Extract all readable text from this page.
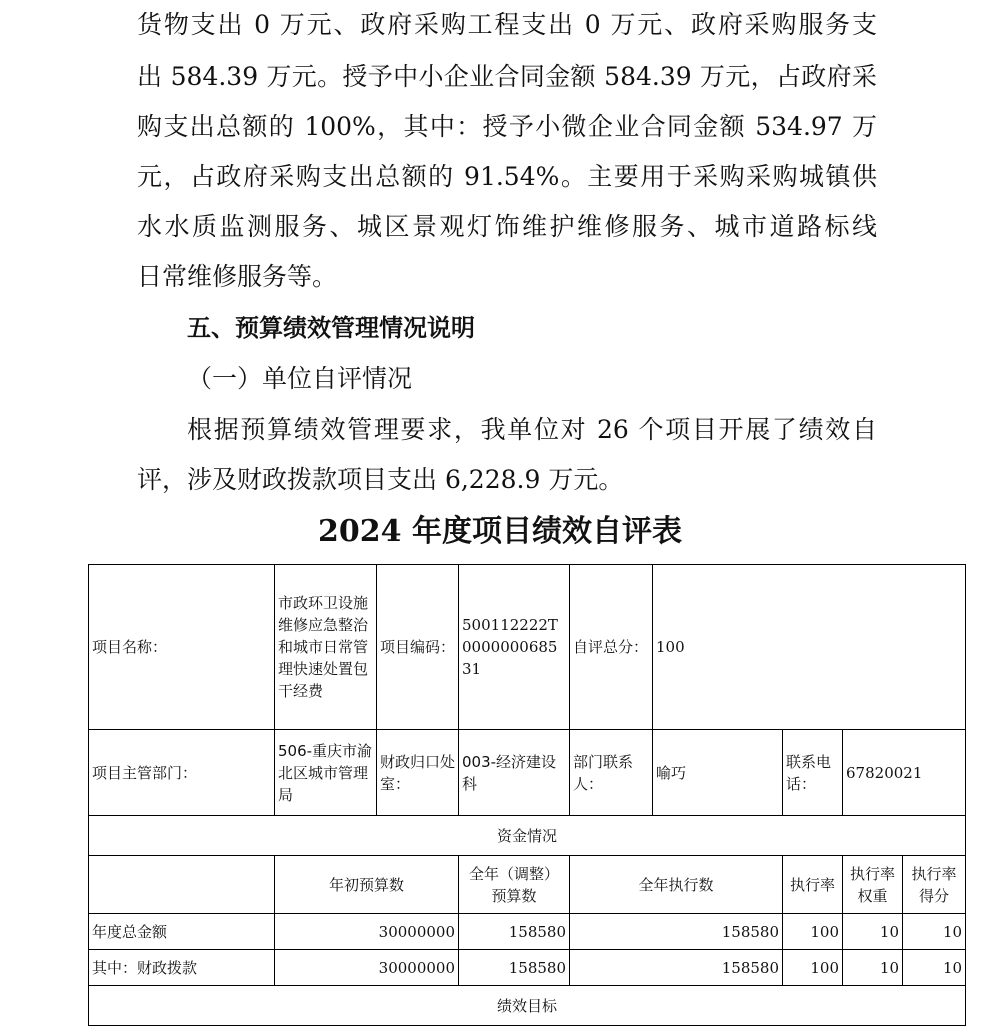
货物支出 0 万元、政府采购工程支出 0 万元、政府采购服务支
出 584.39 万元。授予中小企业合同金额 584.39 万元，占政府采
购支出总额的 100%，其中：授予小微企业合同金额 534.97 万
元，占政府采购支出总额的 91.54%。主要用于采购采购城镇供
水水质监测服务、城区景观灯饰维护维修服务、城市道路标线
日常维修服务等。
五、预算绩效管理情况说明
（一）单位自评情况
根据预算绩效管理要求，我单位对 26 个项目开展了绩效自
评，涉及财政拨款项目支出 6,228.9 万元。
2024 年度项目绩效自评表
项目名称：	市政环卫设施维修应急整治和城市日常管理快速处置包干经费	项目编码：	500112222T000000068531	自评总分：	100			
项目主管部门：	506-重庆市渝北区城市管理局	财政归口处室：	003-经济建设科	部门联系人：	喻巧	联系电话：	67820021	
资金情况								
	年初预算数		全年（调整）预算数	全年执行数		执行率	执行率权重	执行率得分
年度总金额	30000000		158580	158580		100	10	10
其中：财政拨款	30000000		158580	158580		100	10	10
绩效目标								
